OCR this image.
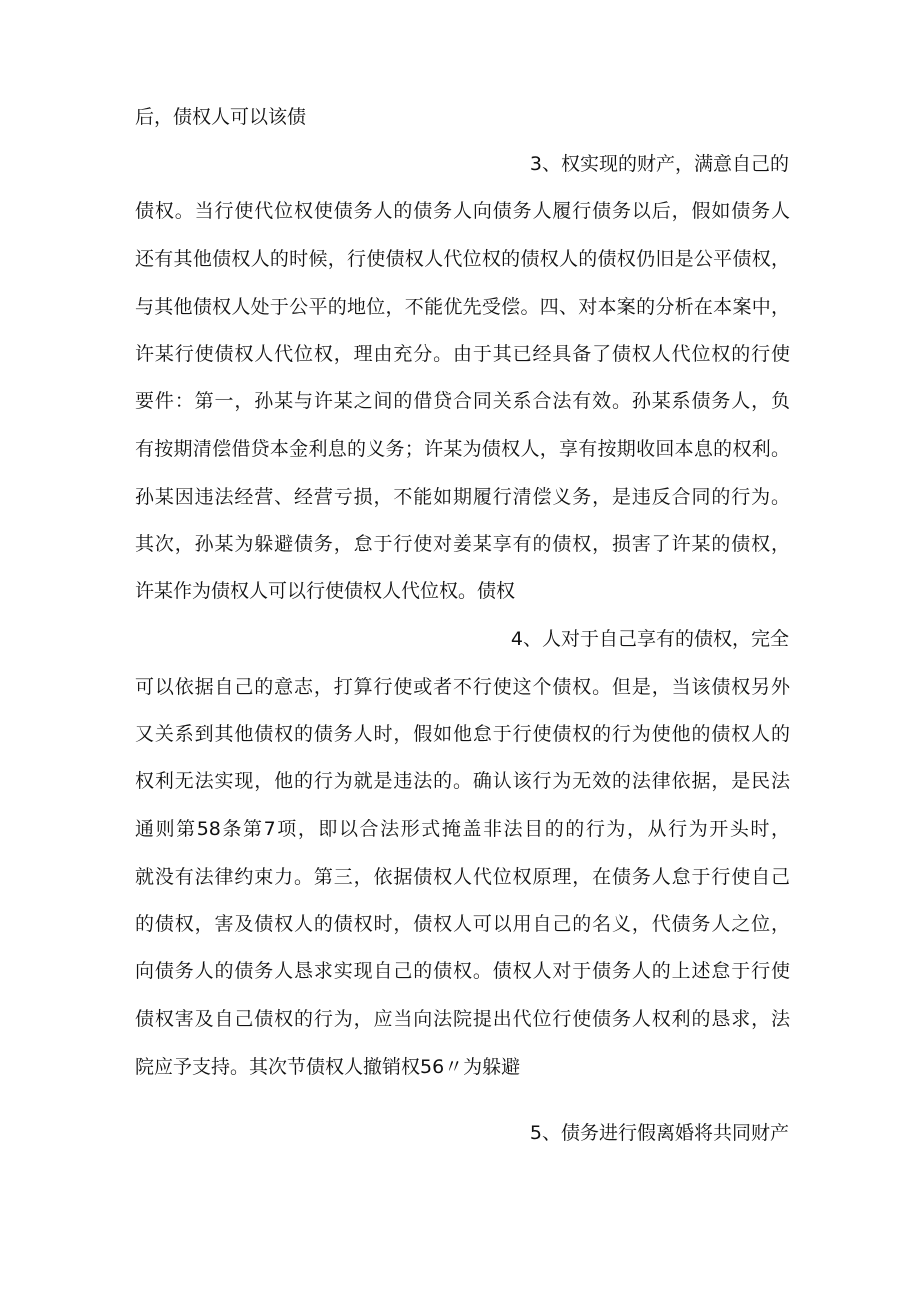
后，债权人可以该债
3、权实现的财产，满意自己的
债权。当行使代位权使债务人的债务人向债务人履行债务以后，假如债务人
还有其他债权人的时候，行使债权人代位权的债权人的债权仍旧是公平债权，
与其他债权人处于公平的地位，不能优先受偿。四、对本案的分析在本案中，
许某行使债权人代位权，理由充分。由于其已经具备了债权人代位权的行使
要件：第一，孙某与许某之间的借贷合同关系合法有效。孙某系债务人，负
有按期清偿借贷本金利息的义务；许某为债权人，享有按期收回本息的权利。
孙某因违法经营、经营亏损，不能如期履行清偿义务，是违反合同的行为。
其次，孙某为躲避债务，怠于行使对姜某享有的债权，损害了许某的债权，
许某作为债权人可以行使债权人代位权。债权
4、人对于自己享有的债权，完全
可以依据自己的意志，打算行使或者不行使这个债权。但是，当该债权另外
又关系到其他债权的债务人时，假如他怠于行使债权的行为使他的债权人的
权利无法实现，他的行为就是违法的。确认该行为无效的法律依据，是民法
通则第58条第7项，即以合法形式掩盖非法目的的行为，从行为开头时，
就没有法律约束力。第三，依据债权人代位权原理，在债务人怠于行使自己
的债权，害及债权人的债权时，债权人可以用自己的名义，代债务人之位，
向债务人的债务人恳求实现自己的债权。债权人对于债务人的上述怠于行使
债权害及自己债权的行为，应当向法院提出代位行使债务人权利的恳求，法
院应予支持。其次节债权人撤销权56〃为躲避
5、债务进行假离婚将共同财产
